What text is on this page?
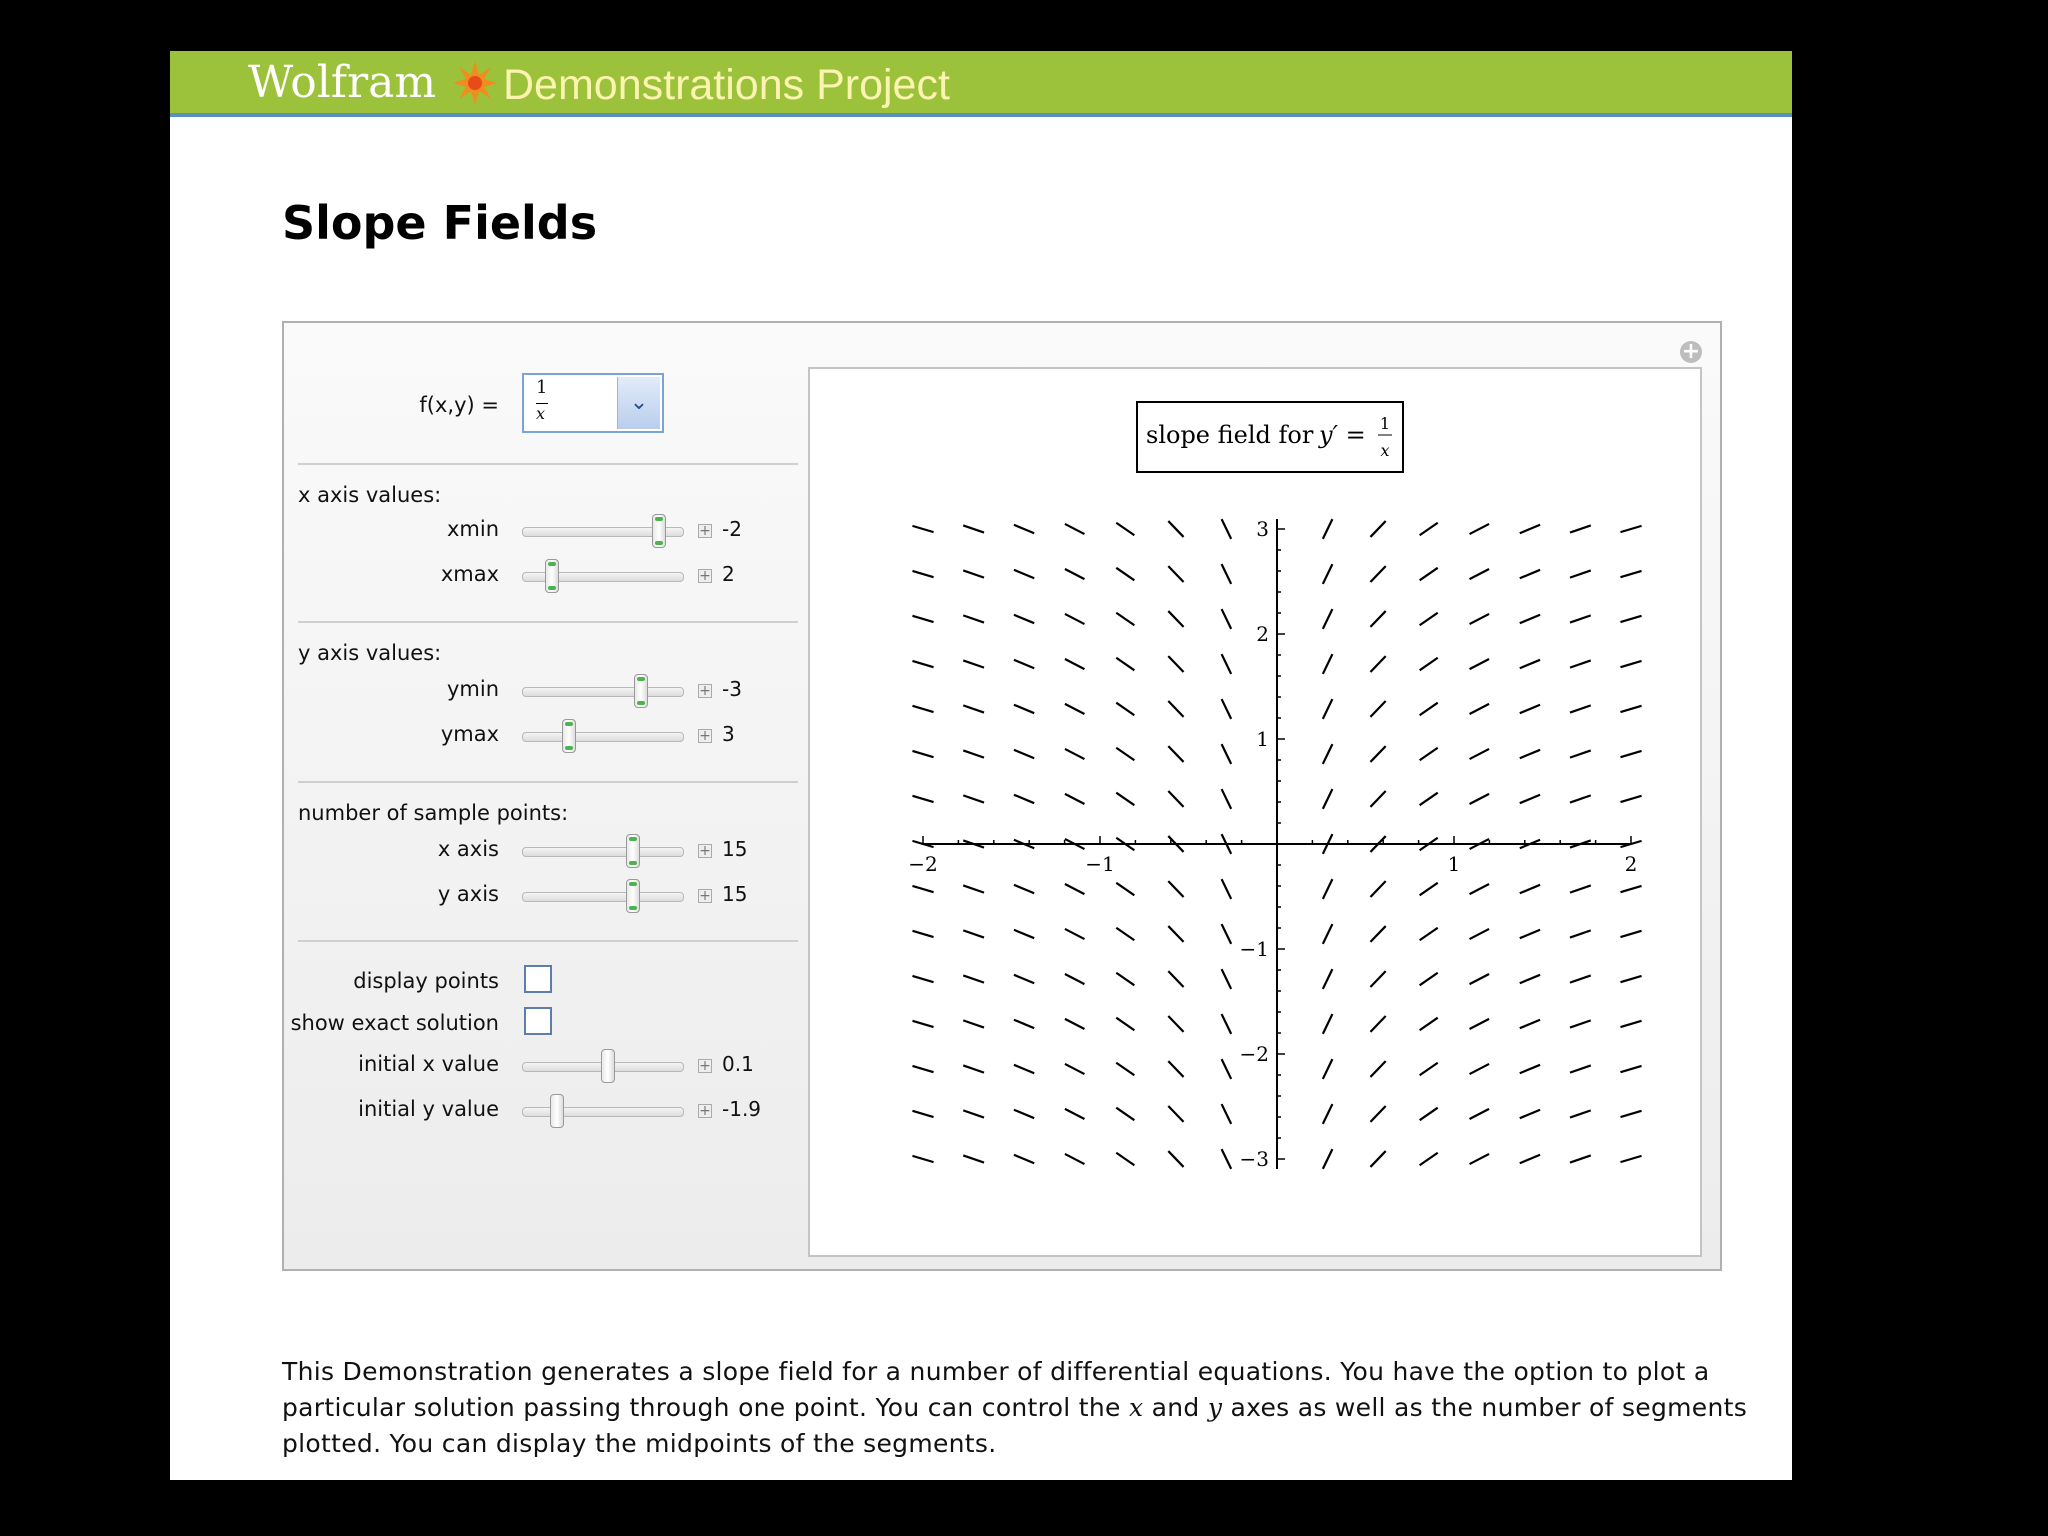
Wolfram Demonstrations Project
Slope Fields
+
f(x,y) =
1
x	⌄
x axis values:
xmin	+ -2
xmax	+ 2
y axis values:
ymin	+ -3
ymax	+ 3
number of sample points:
x axis	+ 15
y axis	+ 15
display points
show exact solution
initial x value	+ 0.1
initial y value	+ -1.9
slope field for y′ = 1
x
−2	−1	1	2
3
2
1
−1
−2
−3

This Demonstration generates a slope field for a number of differential equations. You have the option to plot a particular solution passing through one point. You can control the x and y axes as well as the number of segments plotted. You can display the midpoints of the segments.
